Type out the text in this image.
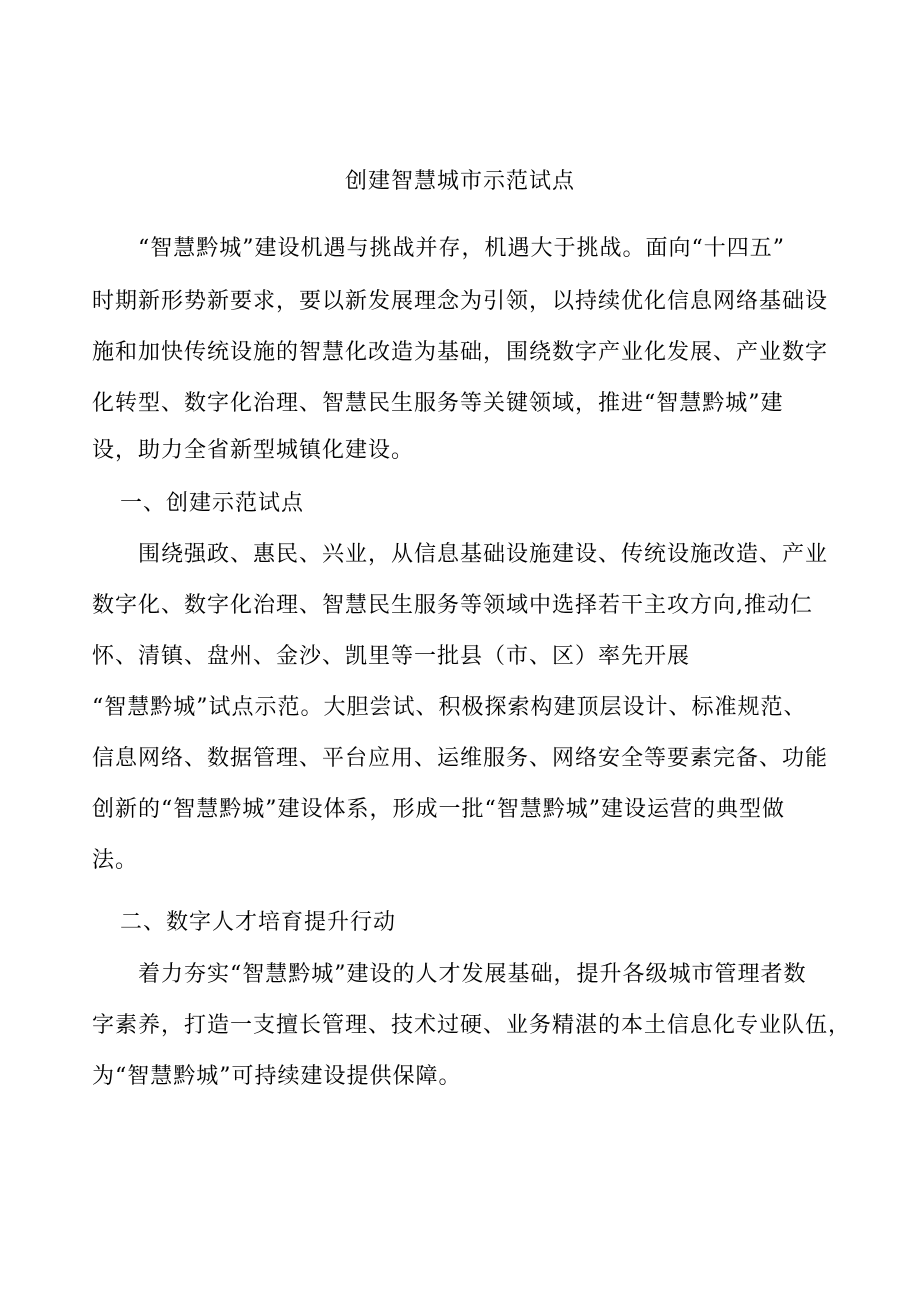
创建智慧城市示范试点
“智慧黔城”建设机遇与挑战并存，机遇大于挑战。面向“十四五”
时期新形势新要求，要以新发展理念为引领，以持续优化信息网络基础设
施和加快传统设施的智慧化改造为基础，围绕数字产业化发展、产业数字
化转型、数字化治理、智慧民生服务等关键领域，推进“智慧黔城”建
设，助力全省新型城镇化建设。
一、创建示范试点
围绕强政、惠民、兴业，从信息基础设施建设、传统设施改造、产业
数字化、数字化治理、智慧民生服务等领域中选择若干主攻方向,推动仁
怀、清镇、盘州、金沙、凯里等一批县（市、区）率先开展
“智慧黔城”试点示范。大胆尝试、积极探索构建顶层设计、标准规范、
信息网络、数据管理、平台应用、运维服务、网络安全等要素完备、功能
创新的“智慧黔城”建设体系，形成一批“智慧黔城”建设运营的典型做
法。
二、数字人才培育提升行动
着力夯实“智慧黔城”建设的人才发展基础，提升各级城市管理者数
字素养，打造一支擅长管理、技术过硬、业务精湛的本土信息化专业队伍，
为“智慧黔城”可持续建设提供保障。
